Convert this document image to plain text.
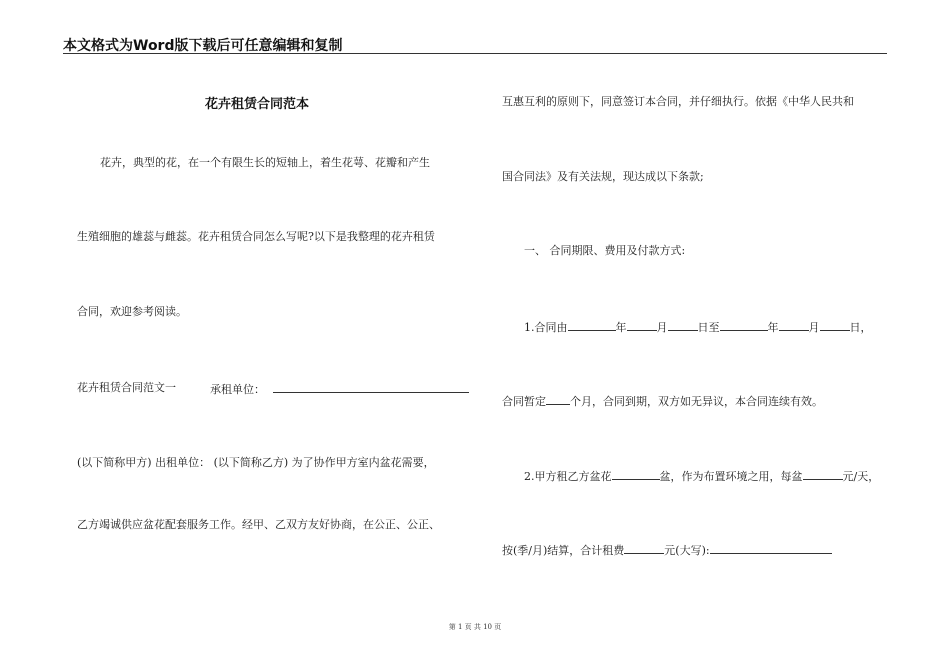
本文格式为Word版下载后可任意编辑和复制
花卉租赁合同范本
花卉，典型的花，在一个有限生长的短轴上，着生花萼、花瓣和产生
生殖细胞的雄蕊与雌蕊。花卉租赁合同怎么写呢?以下是我整理的花卉租赁
合同，欢迎参考阅读。
花卉租赁合同范文一	承租单位：
(以下简称甲方) 出租单位： (以下简称乙方) 为了协作甲方室内盆花需要，
乙方竭诚供应盆花配套服务工作。经甲、乙双方友好协商，在公正、公正、
互惠互利的原则下，同意签订本合同，并仔细执行。依据《中华人民共和
国合同法》及有关法规，现达成以下条款;
一、 合同期限、费用及付款方式:
1.合同由	年	月	日至	年	月	日，
合同暂定 个月，合同到期，双方如无异议，本合同连续有效。
2.甲方租乙方盆花	盆，作为布置环境之用，每盆	元/天，
按(季/月)结算，合计租费	元(大写):
第 1 页 共 10 页
